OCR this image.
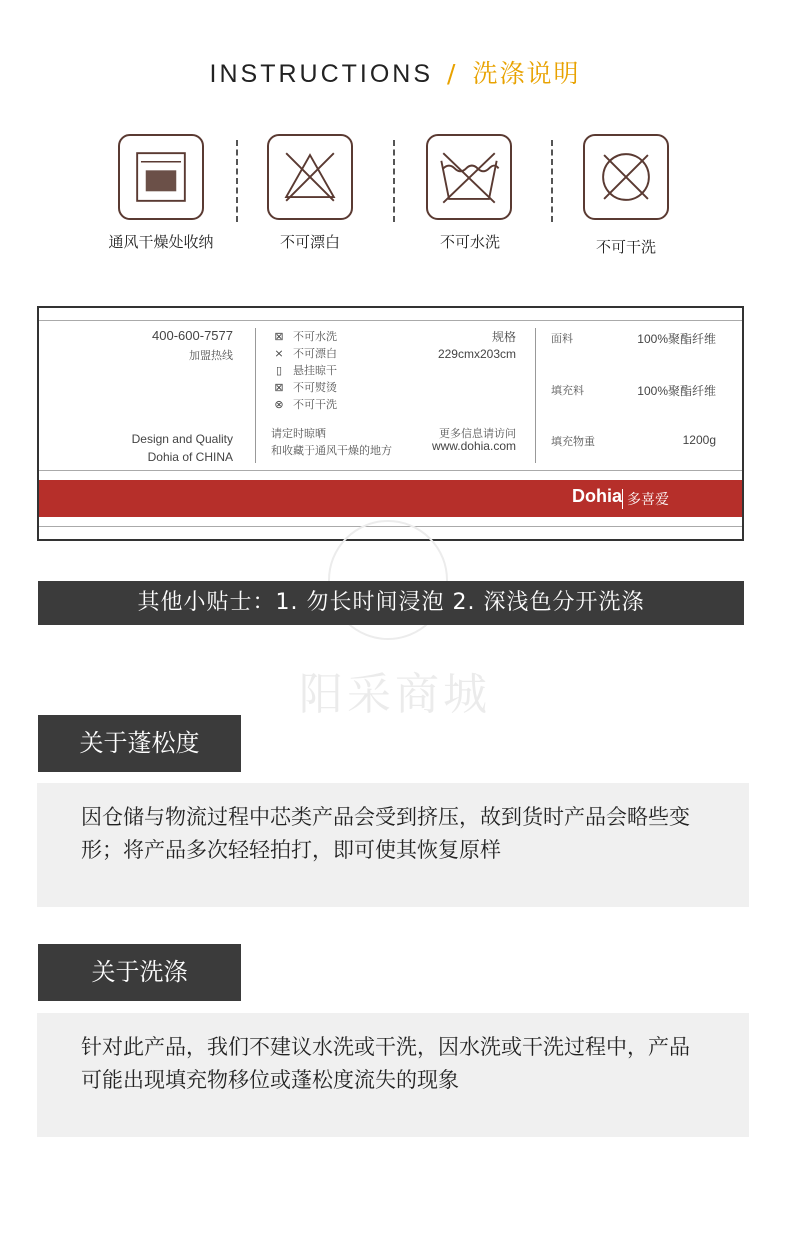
INSTRUCTIONS / 洗涤说明
通风干燥处收纳	不可漂白	不可水洗	不可干洗
400-600-7577
加盟热线
Design and Quality
Dohia of CHINA
⊠ 不可水洗
⨯ 不可漂白
▯ 悬挂晾干
⊠ 不可熨烫
⊗ 不可干洗
请定时晾晒
和收藏于通风干燥的地方
规格
229cmx203cm
更多信息请访问
www.dohia.com
面料	100%聚酯纤维
填充料	100%聚酯纤维
填充物重	1200g
Dohia 多喜爱
阳采商城
其他小贴士：1. 勿长时间浸泡 2. 深浅色分开洗涤
关于蓬松度

因仓储与物流过程中芯类产品会受到挤压，故到货时产品会略些变形；将产品多次轻轻拍打，即可使其恢复原样

关于洗涤

针对此产品，我们不建议水洗或干洗，因水洗或干洗过程中，产品可能出现填充物移位或蓬松度流失的现象
